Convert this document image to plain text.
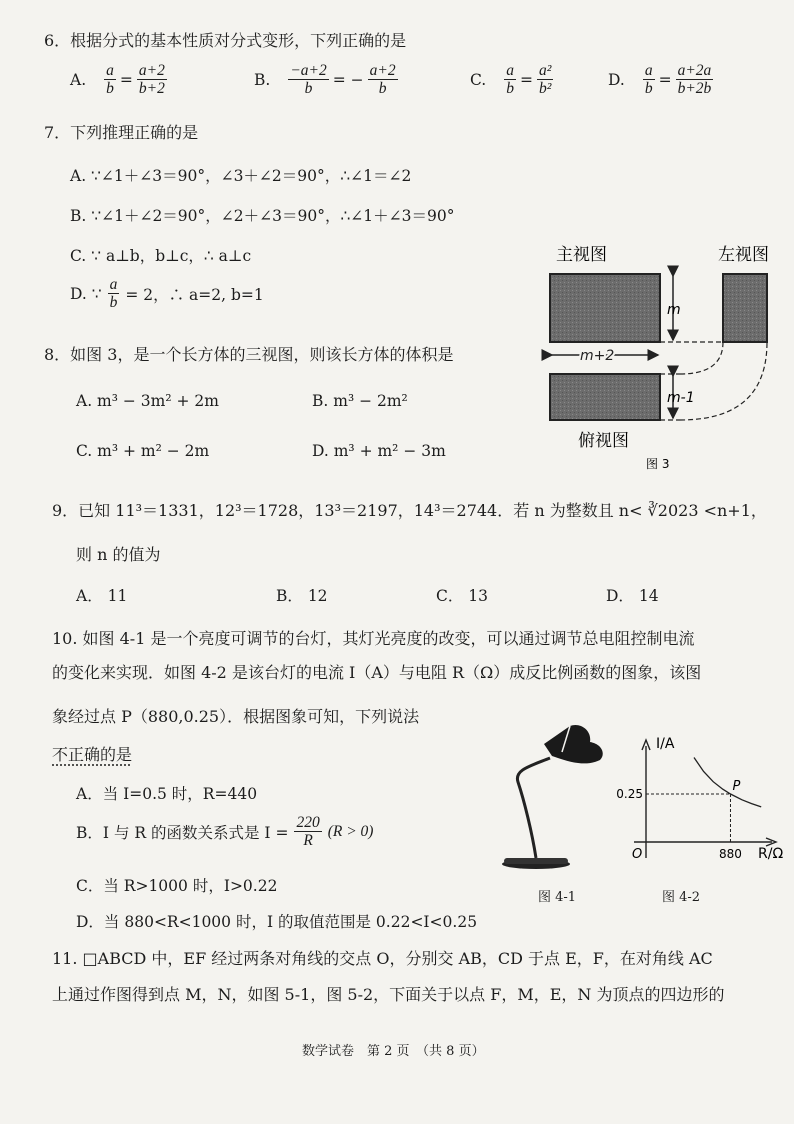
6．根据分式的基本性质对分式变形，下列正确的是
A. $\frac{a}{b} = \frac{a+2}{b+2}$	B. $\frac{-a+2}{b}$ = − $\frac{a+2}{b}$	C. $\frac{a}{b} = \frac{\text{a²}}{\text{b²}}$	D. $\frac{a}{b} = \frac{a+2a}{b+2b}$
7．下列推理正确的是
A. ∵∠1＋∠3＝90°，∠3＋∠2＝90°，∴∠1＝∠2
B. ∵∠1＋∠2＝90°，∠2＋∠3＝90°，∴∠1＋∠3＝90°
C. ∵ a⊥b，b⊥c，∴ a⊥c
D. ∵ $\frac{a}{b} = 2$，∴ a=2, b=1
8．如图 3，是一个长方体的三视图，则该长方体的体积是
A. m³ − 3m² + 2m	B. m³ − 2m²
C. m³ + m² − 2m	D. m³ + m² − 3m
主视图	左视图
m
m+2
m-1
俯视图
图 3
9．已知 11³＝1331，12³＝1728，13³＝2197，14³＝2744．若 n 为整数且 n< ∛2023 <n+1，
则 n 的值为
A． 11	B． 12	C． 13	D． 14
10. 如图 4-1 是一个亮度可调节的台灯，其灯光亮度的改变，可以通过调节总电阻控制电流
的变化来实现．如图 4-2 是该台灯的电流 I（A）与电阻 R（Ω）成反比例函数的图象，该图
象经过点 P（880,0.25）．根据图象可知，下列说法
不正确的是
A．当 I=0.5 时，R=440
B．I 与 R 的函数关系式是 $I = \frac{220}{R} (R > 0)$
C．当 R>1000 时，I>0.22
D．当 880<R<1000 时，I 的取值范围是 0.22<I<0.25
图 4-1
I/A
R/Ω
O
0.25
880
P
图 4-2
11. □ABCD 中，EF 经过两条对角线的交点 O，分别交 AB，CD 于点 E，F，在对角线 AC
上通过作图得到点 M，N，如图 5-1，图 5-2，下面关于以点 F，M，E，N 为顶点的四边形的
数学试卷　第 2 页　（共 8 页）
